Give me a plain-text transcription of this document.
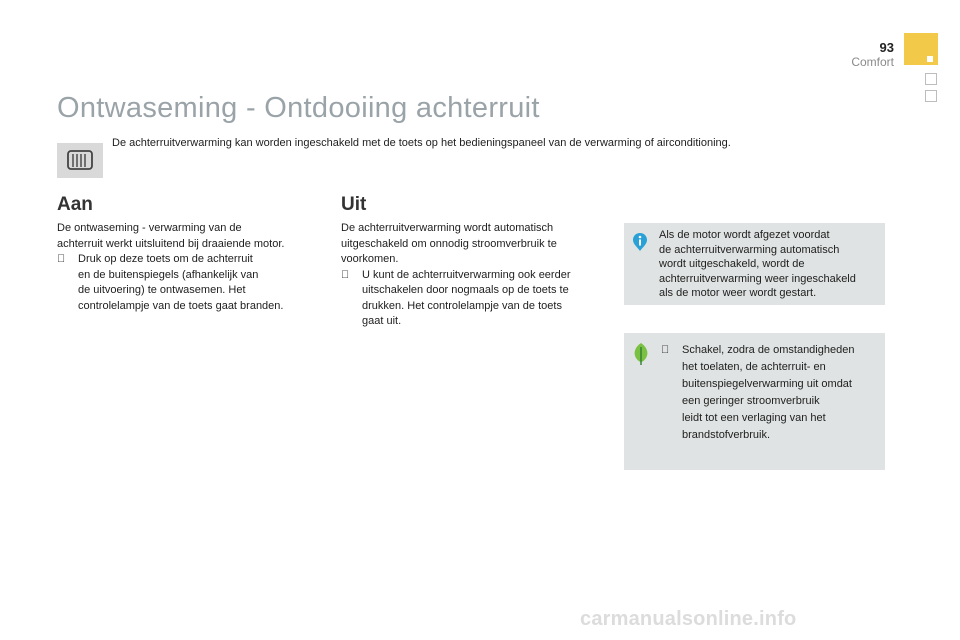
93
Comfort
Ontwaseming - Ontdooiing achterruit

De achterruitverwarming kan worden ingeschakeld met de toets op het bedieningspaneel van de verwarming of airconditioning.

Aan

De ontwaseming - verwarming van de

achterruit werkt uitsluitend bij draaiende motor.

Druk op deze toets om de achterruit

en de buitenspiegels (afhankelijk van

de uitvoering) te ontwasemen. Het

controlelampje van de toets gaat branden.

Uit

De achterruitverwarming wordt automatisch

uitgeschakeld om onnodig stroomverbruik te

voorkomen.

U kunt de achterruitverwarming ook eerder

uitschakelen door nogmaals op de toets te

drukken. Het controlelampje van de toets

gaat uit.

Als de motor wordt afgezet voordat

de achterruitverwarming automatisch

wordt uitgeschakeld, wordt de

achterruitverwarming weer ingeschakeld

als de motor weer wordt gestart.

Schakel, zodra de omstandigheden

het toelaten, de achterruit- en

buitenspiegelverwarming uit omdat

een geringer stroomverbruik

leidt tot een verlaging van het

brandstofverbruik.

carmanualsonline.info
